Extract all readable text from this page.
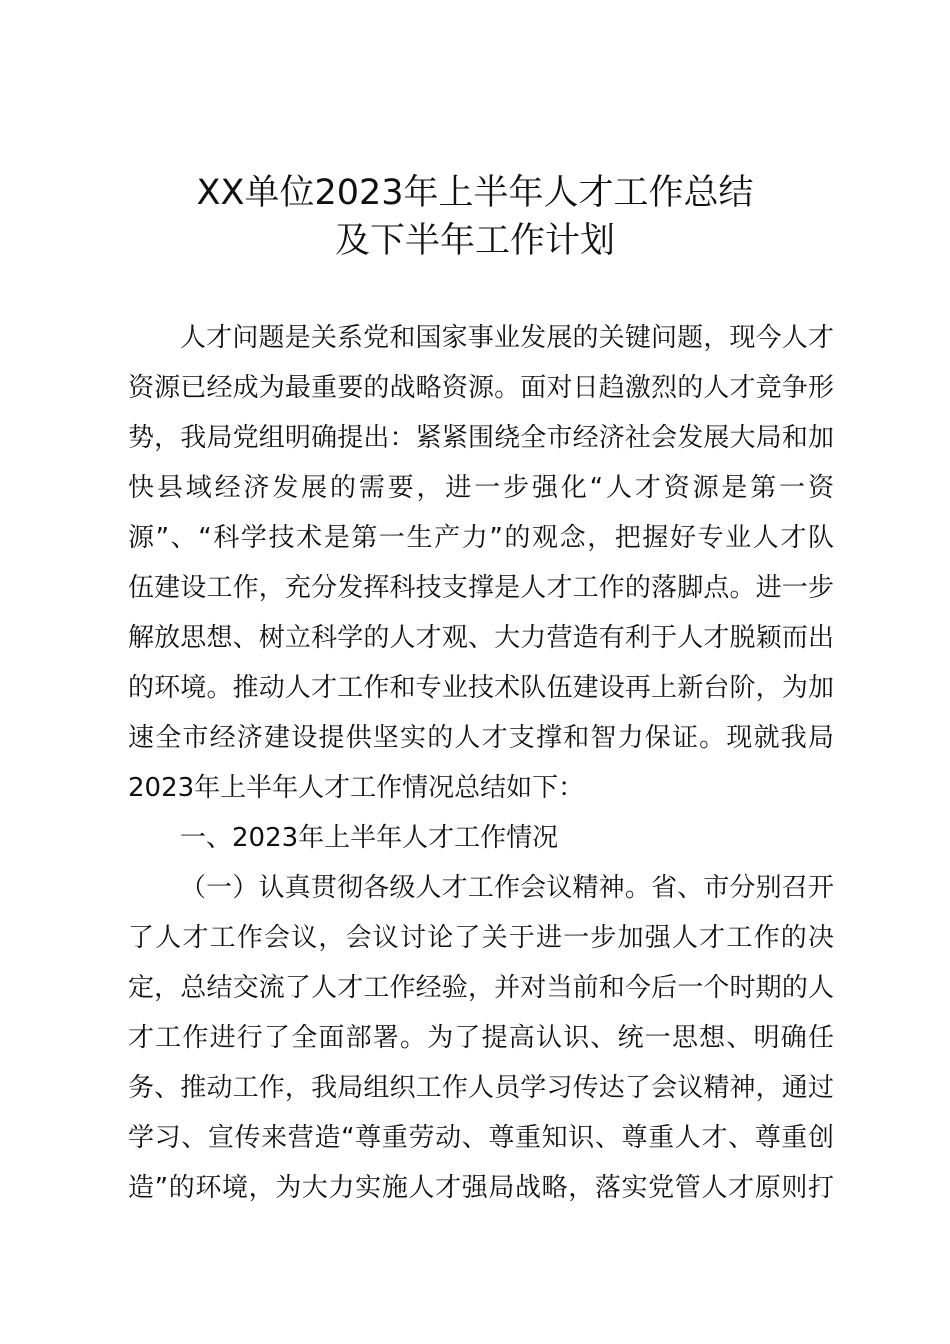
XX单位2023年上半年人才工作总结
及下半年工作计划
人才问题是关系党和国家事业发展的关键问题，现今人才
资源已经成为最重要的战略资源。面对日趋激烈的人才竞争形
势，我局党组明确提出：紧紧围绕全市经济社会发展大局和加
快县域经济发展的需要，进一步强化“人才资源是第一资
源”、“科学技术是第一生产力”的观念，把握好专业人才队
伍建设工作，充分发挥科技支撑是人才工作的落脚点。进一步
解放思想、树立科学的人才观、大力营造有利于人才脱颖而出
的环境。推动人才工作和专业技术队伍建设再上新台阶，为加
速全市经济建设提供坚实的人才支撑和智力保证。现就我局
2023年上半年人才工作情况总结如下：
一、2023年上半年人才工作情况
（一）认真贯彻各级人才工作会议精神。省、市分别召开
了人才工作会议，会议讨论了关于进一步加强人才工作的决
定，总结交流了人才工作经验，并对当前和今后一个时期的人
才工作进行了全面部署。为了提高认识、统一思想、明确任
务、推动工作，我局组织工作人员学习传达了会议精神，通过
学习、宣传来营造“尊重劳动、尊重知识、尊重人才、尊重创
造”的环境，为大力实施人才强局战略，落实党管人才原则打
